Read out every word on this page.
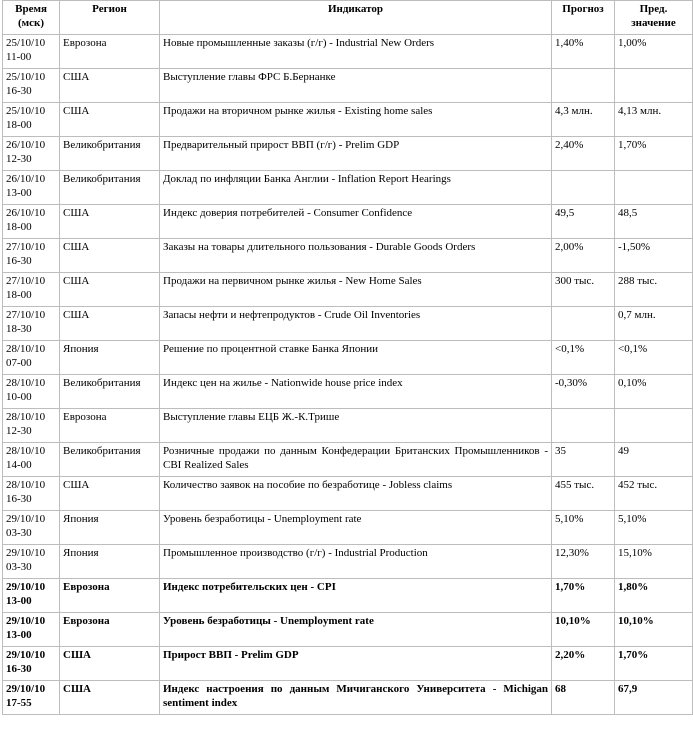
Время (мск)	Регион	Индикатор	Прогноз	Пред. значение

25/10/10
11-00	Еврозона	Новые промышленные заказы (г/г) - Industrial New Orders	1,40%	1,00%

25/10/10
16-30	США	Выступление главы ФРС Б.Бернанке		

25/10/10
18-00	США	Продажи на вторичном рынке жилья - Existing home sales	4,3 млн.	4,13 млн.

26/10/10
12-30	Великобритания	Предварительный прирост ВВП (г/г) - Prelim GDP	2,40%	1,70%

26/10/10
13-00	Великобритания	Доклад по инфляции Банка Англии - Inflation Report Hearings		

26/10/10
18-00	США	Индекс доверия потребителей - Consumer Confidence	49,5	48,5

27/10/10
16-30	США	Заказы на товары длительного пользования - Durable Goods Orders	2,00%	-1,50%

27/10/10
18-00	США	Продажи на первичном рынке жилья - New Home Sales	300 тыс.	288 тыс.

27/10/10
18-30	США	Запасы нефти и нефтепродуктов - Crude Oil Inventories		0,7 млн.

28/10/10
07-00	Япония	Решение по процентной ставке Банка Японии	<0,1%	<0,1%

28/10/10
10-00	Великобритания	Индекс цен на жилье - Nationwide house price index	-0,30%	0,10%

28/10/10
12-30	Еврозона	Выступление главы ЕЦБ Ж.-К.Трише		

28/10/10
14-00	Великобритания	Розничные продажи по данным Конфедерации Британских Промышленников - CBI Realized Sales	35	49

28/10/10
16-30	США	Количество заявок на пособие по безработице - Jobless claims	455 тыс.	452 тыс.

29/10/10
03-30	Япония	Уровень безработицы - Unemployment rate	5,10%	5,10%

29/10/10
03-30	Япония	Промышленное производство (г/г) - Industrial Production	12,30%	15,10%

29/10/10
13-00	Еврозона	Индекс потребительских цен - CPI	1,70%	1,80%

29/10/10
13-00	Еврозона	Уровень безработицы - Unemployment rate	10,10%	10,10%

29/10/10
16-30	США	Прирост ВВП - Prelim GDP	2,20%	1,70%

29/10/10
17-55	США	Индекс настроения по данным Мичиганского Университета - Michigan sentiment index	68	67,9
